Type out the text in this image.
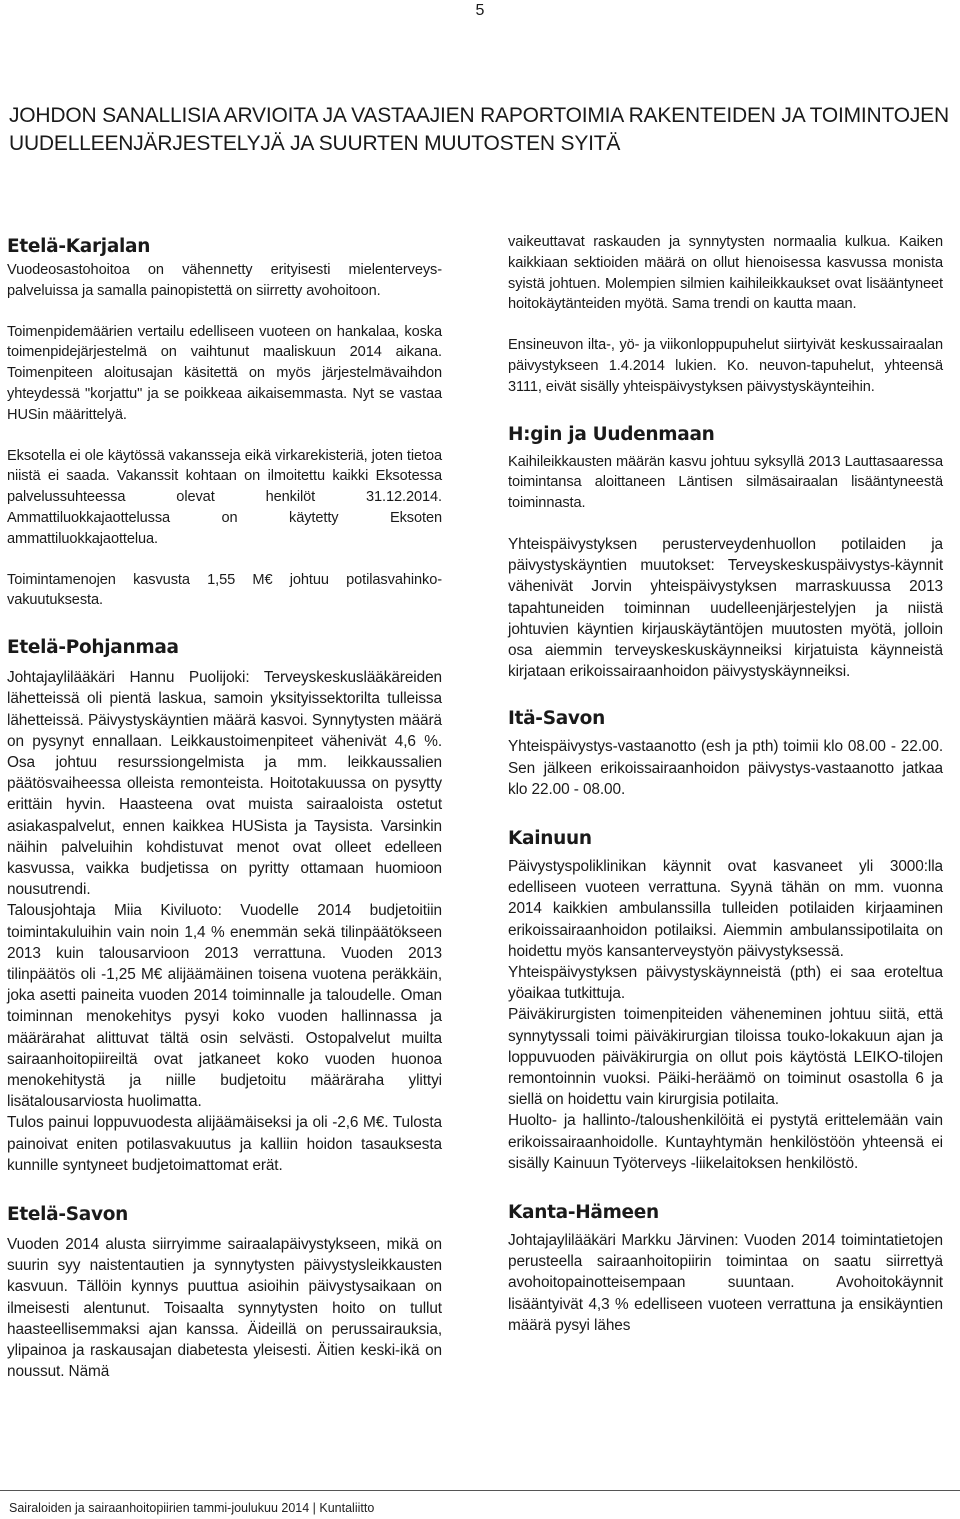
5
JOHDON SANALLISIA ARVIOITA JA VASTAAJIEN RAPORTOIMIA RAKENTEIDEN JA TOIMINTOJEN UUDELLEENJÄRJESTELYJÄ JA SUURTEN MUUTOSTEN SYITÄ
Etelä-Karjalan

Vuodeosastohoitoa on vähennetty erityisesti mielenterveys-palveluissa ja samalla painopistettä on siirretty avohoitoon.

Toimenpidemäärien vertailu edelliseen vuoteen on hankalaa, koska toimenpidejärjestelmä on vaihtunut maaliskuun 2014 aikana. Toimenpiteen aloitusajan käsitettä on myös järjestelmävaihdon yhteydessä "korjattu" ja se poikkeaa aikaisemmasta. Nyt se vastaa HUSin määrittelyä.

Eksotella ei ole käytössä vakansseja eikä virkarekisteriä, joten tietoa niistä ei saada. Vakanssit kohtaan on ilmoitettu kaikki Eksotessa palvelussuhteessa olevat henkilöt 31.12.2014. Ammattiluokkajaottelussa on käytetty Eksoten ammattiluokkajaottelua.

Toimintamenojen kasvusta 1,55 M€ johtuu potilasvahinko-vakuutuksesta.

Etelä-Pohjanmaa

Johtajaylilääkäri Hannu Puolijoki: Terveyskeskuslääkäreiden lähetteissä oli pientä laskua, samoin yksityissektorilta tulleissa lähetteissä. Päivystyskäyntien määrä kasvoi. Synnytysten määrä on pysynyt ennallaan. Leikkaustoimenpiteet vähenivät 4,6 %. Osa johtuu resurssiongelmista ja mm. leikkaussalien päätösvaiheessa olleista remonteista. Hoitotakuussa on pysytty erittäin hyvin. Haasteena ovat muista sairaaloista ostetut asiakaspalvelut, ennen kaikkea HUSista ja Taysista. Varsinkin näihin palveluihin kohdistuvat menot ovat olleet edelleen kasvussa, vaikka budjetissa on pyritty ottamaan huomioon nousutrendi.

Talousjohtaja Miia Kiviluoto: Vuodelle 2014 budjetoitiin toimintakuluihin vain noin 1,4 % enemmän sekä tilinpäätökseen 2013 kuin talousarvioon 2013 verrattuna. Vuoden 2013 tilinpäätös oli -1,25 M€ alijäämäinen toisena vuotena peräkkäin, joka asetti paineita vuoden 2014 toiminnalle ja taloudelle. Oman toiminnan menokehitys pysyi koko vuoden hallinnassa ja määrärahat alittuvat tältä osin selvästi. Ostopalvelut muilta sairaanhoitopiireiltä ovat jatkaneet koko vuoden huonoa menokehitystä ja niille budjetoitu määräraha ylittyi lisätalousarviosta huolimatta.

Tulos painui loppuvuodesta alijäämäiseksi ja oli -2,6 M€. Tulosta painoivat eniten potilasvakuutus ja kalliin hoidon tasauksesta kunnille syntyneet budjetoimattomat erät.

Etelä-Savon

Vuoden 2014 alusta siirryimme sairaalapäivystykseen, mikä on suurin syy naistentautien ja synnytysten päivystysleikkausten kasvuun. Tällöin kynnys puuttua asioihin päivystysaikaan on ilmeisesti alentunut. Toisaalta synnytysten hoito on tullut haasteellisemmaksi ajan kanssa. Äideillä on perussairauksia, ylipainoa ja raskausajan diabetesta yleisesti. Äitien keski-ikä on noussut. Nämä

vaikeuttavat raskauden ja synnytysten normaalia kulkua. Kaiken kaikkiaan sektioiden määrä on ollut hienoisessa kasvussa monista syistä johtuen. Molempien silmien kaihileikkaukset ovat lisääntyneet hoitokäytänteiden myötä. Sama trendi on kautta maan.

Ensineuvon ilta-, yö- ja viikonloppupuhelut siirtyivät keskussairaalan päivystykseen 1.4.2014 lukien. Ko. neuvon-tapuhelut, yhteensä 3111, eivät sisälly yhteispäivystyksen päivystyskäynteihin.

H:gin ja Uudenmaan

Kaihileikkausten määrän kasvu johtuu syksyllä 2013 Lauttasaaressa toimintansa aloittaneen Läntisen silmäsairaalan lisääntyneestä toiminnasta.

Yhteispäivystyksen perusterveydenhuollon potilaiden ja päivystyskäyntien muutokset: Terveyskeskuspäivystys-käynnit vähenivät Jorvin yhteispäivystyksen marraskuussa 2013 tapahtuneiden toiminnan uudelleenjärjestelyjen ja niistä johtuvien käyntien kirjauskäytäntöjen muutosten myötä, jolloin osa aiemmin terveyskeskuskäynneiksi kirjatuista käynneistä kirjataan erikoissairaanhoidon päivystyskäynneiksi.

Itä-Savon

Yhteispäivystys-vastaanotto (esh ja pth) toimii klo 08.00 - 22.00. Sen jälkeen erikoissairaanhoidon päivystys-vastaanotto jatkaa klo 22.00 - 08.00.

Kainuun

Päivystyspoliklinikan käynnit ovat kasvaneet yli 3000:lla edelliseen vuoteen verrattuna. Syynä tähän on mm. vuonna 2014 kaikkien ambulanssilla tulleiden potilaiden kirjaaminen erikoissairaanhoidon potilaiksi. Aiemmin ambulanssipotilaita on hoidettu myös kansanterveystyön päivystyksessä.

Yhteispäivystyksen päivystyskäynneistä (pth) ei saa eroteltua yöaikaa tutkittuja.

Päiväkirurgisten toimenpiteiden väheneminen johtuu siitä, että synnytyssali toimi päiväkirurgian tiloissa touko-lokakuun ajan ja loppuvuoden päiväkirurgia on ollut pois käytöstä LEIKO-tilojen remontoinnin vuoksi. Päiki-heräämö on toiminut osastolla 6 ja siellä on hoidettu vain kirurgisia potilaita.

Huolto- ja hallinto-/taloushenkilöitä ei pystytä erittelemään vain erikoissairaanhoidolle. Kuntayhtymän henkilöstöön yhteensä ei sisälly Kainuun Työterveys -liikelaitoksen henkilöstö.

Kanta-Hämeen

Johtajaylilääkäri Markku Järvinen: Vuoden 2014 toimintatietojen perusteella sairaanhoitopiirin toimintaa on saatu siirrettyä avohoitopainotteisempaan suuntaan. Avohoitokäynnit lisääntyivät 4,3 % edelliseen vuoteen verrattuna ja ensikäyntien määrä pysyi lähes

Sairaloiden ja sairaanhoitopiirien tammi-joulukuu 2014 | Kuntaliitto
